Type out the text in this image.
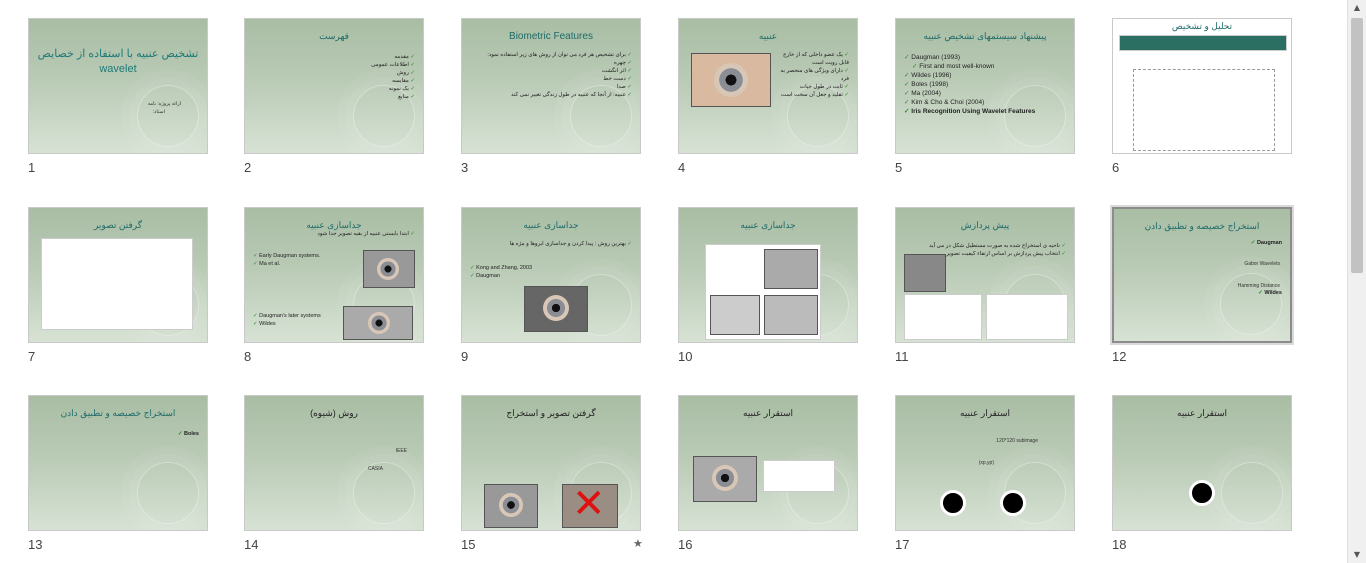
تشخیص عنبیه با استفاده از خصایص wavelet
ارائه پروژه: نامه
استاد:
1
فهرست
✓ مقدمه
✓ اطلاعات عمومی
✓ روش
✓ مقایسه
✓ یک نمونه
✓ منابع
2
Biometric Features
✓ برای تشخیص هر فرد می توان از روش های زیر استفاده نمود:
✓ چهره
✓ اثر انگشت
✓ دست خط
✓ صدا
✓ عنبیه: از آنجا که عنبیه در طول زندگی تغییر نمی کند
3
عنبیه
✓ یک عضو داخلی که از خارج قابل رویت است
✓ دارای ویژگی های منحصر به فرد
✓ ثابت در طول حیات
✓ تقلید و جعل آن سخت است
4
پیشنهاد سیستمهای تشخیص عنبیه
✓ Daugman (1993)
✓ First and most well-known
✓ Wildes (1996)
✓ Boles (1998)
✓ Ma (2004)
✓ Kim & Cho & Choi (2004)
✓ Iris Recognition Using Wavelet Features
5
تحلیل و تشخیص
6
گرفتن تصویر
7
جداسازی عنبیه
✓ ابتدا بایستی عنبیه از بقیه تصویر جدا شود
✓ Early Daugman systems.
✓ Ma et al.
✓ Daugman's later systems
✓ Wildes
8
جداسازی عنبیه
✓ بهترین روش : پیدا کردن و جداسازی ابروها و مژه ها
✓ Kong and Zhang, 2003
✓ Daugman
9
جداسازی عنبیه
10
پیش پردازش
✓ ناحیه ی استخراج شده به صورت مستطیل شکل در می آید
✓ انتخاب پیش پردازش بر اساس ارتقاء کیفیت تصویر
11
استخراج خصیصه و تطبیق دادن
✓ Daugman
Gabor Wavelets
Hamming Distance
✓ Wildes
12
استخراج خصیصه و تطبیق دادن
✓ Boles
13
روش (شیوه)
IEEE
CASIA
14
گرفتن تصویر و استخراج
✕
15	★
استقرار عنبیه
16
استقرار عنبیه
120*120 subimage
(xp,yp)
17
استقرار عنبیه
18
▲
▼
